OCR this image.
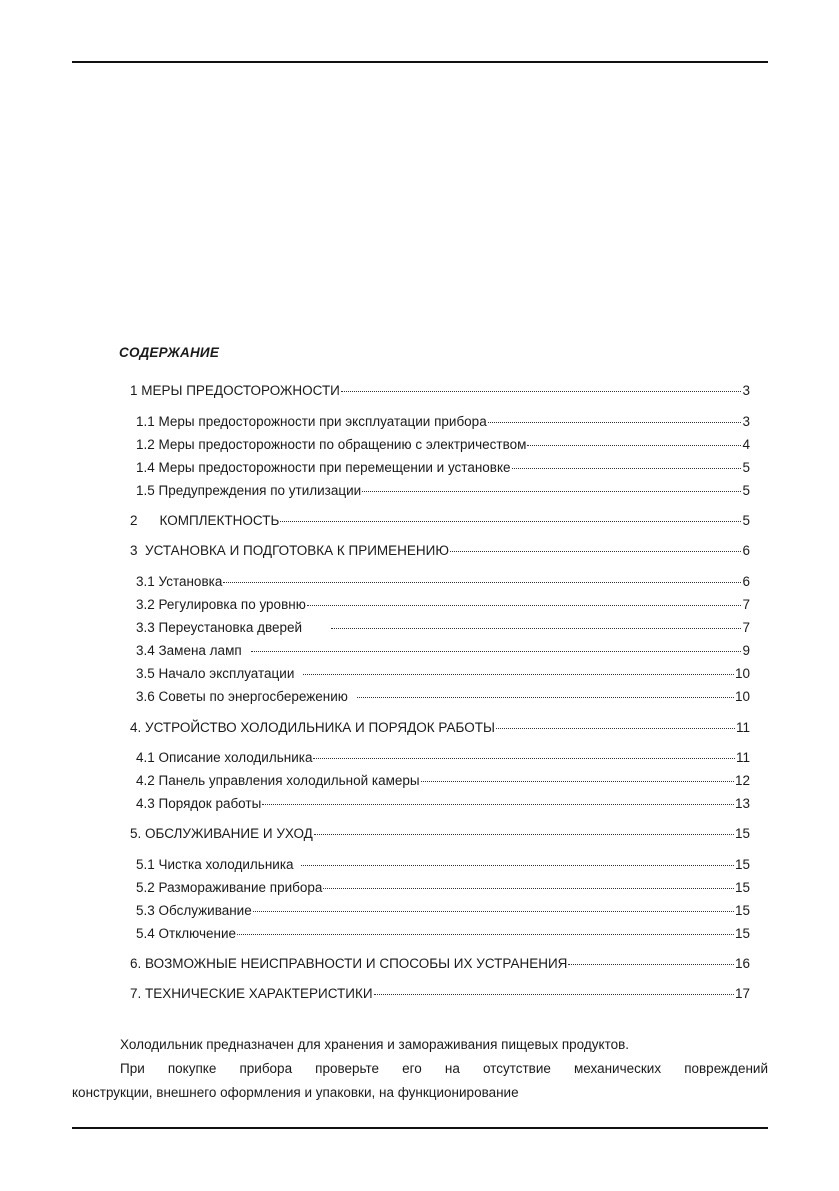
СОДЕРЖАНИЕ
1 МЕРЫ ПРЕДОСТОРОЖНОСТИ	3
1.1 Меры предосторожности при эксплуатации прибора	3
1.2 Меры предосторожности по обращению с электричеством	4
1.4 Меры предосторожности при перемещении и установке	5
1.5 Предупреждения по утилизации	5
2 КОМПЛЕКТНОСТЬ	5
3  УСТАНОВКА И ПОДГОТОВКА К ПРИМЕНЕНИЮ	6
3.1 Установка	6
3.2 Регулировка по уровню	7
3.3 Переустановка дверей	7
3.4 Замена ламп	9
3.5 Начало эксплуатации	10
3.6 Советы по энергосбережению	10
4. УСТРОЙСТВО ХОЛОДИЛЬНИКА И ПОРЯДОК РАБОТЫ	11
4.1 Описание холодильника	11
4.2 Панель управления холодильной камеры	12
4.3 Порядок работы	13
5. ОБСЛУЖИВАНИЕ И УХОД	15
5.1 Чистка холодильника	15
5.2 Размораживание прибора	15
5.3 Обслуживание	15
5.4 Отключение	15
6. ВОЗМОЖНЫЕ НЕИСПРАВНОСТИ И СПОСОБЫ ИХ УСТРАНЕНИЯ	16
7. ТЕХНИЧЕСКИЕ ХАРАКТЕРИСТИКИ	17

Холодильник предназначен для хранения и замораживания пищевых продуктов.

При покупке прибора проверьте его на отсутствие механических повреждений

конструкции, внешнего оформления и упаковки, на функционирование
